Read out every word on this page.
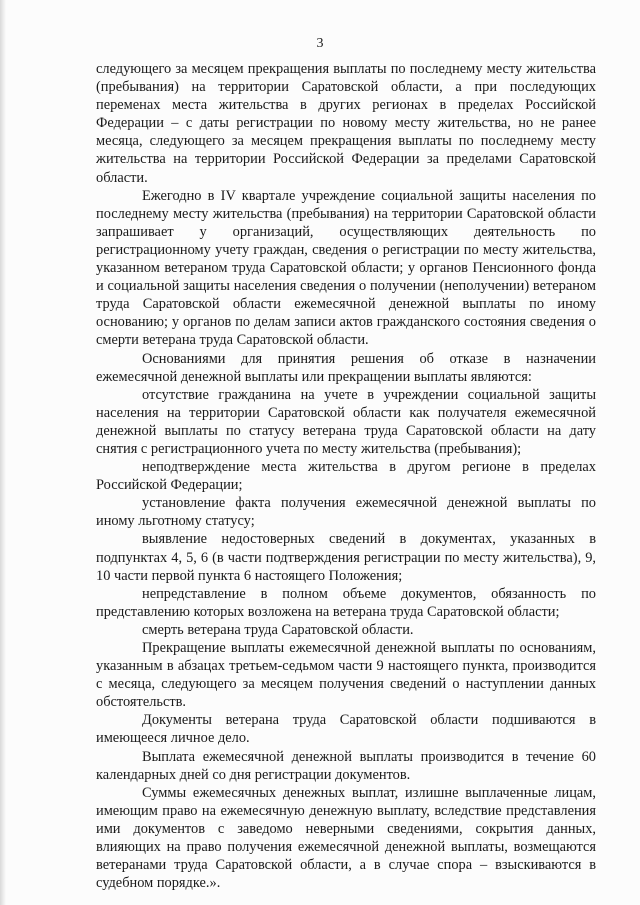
3

следующего за месяцем прекращения выплаты по последнему месту жительства (пребывания) на территории Саратовской области, а при последующих переменах места жительства в других регионах в пределах Российской Федерации – с даты регистрации по новому месту жительства, но не ранее месяца, следующего за месяцем прекращения выплаты по последнему месту жительства на территории Российской Федерации за пределами Саратовской области.

Ежегодно в IV квартале учреждение социальной защиты населения по последнему месту жительства (пребывания) на территории Саратовской области запрашивает у организаций, осуществляющих деятельность по регистрационному учету граждан, сведения о регистрации по месту жительства, указанном ветераном труда Саратовской области; у органов Пенсионного фонда и социальной защиты населения сведения о получении (неполучении) ветераном труда Саратовской области ежемесячной денежной выплаты по иному основанию; у органов по делам записи актов гражданского состояния сведения о смерти ветерана труда Саратовской области.

Основаниями для принятия решения об отказе в назначении ежемесячной денежной выплаты или прекращении выплаты являются:

отсутствие гражданина на учете в учреждении социальной защиты населения на территории Саратовской области как получателя ежемесячной денежной выплаты по статусу ветерана труда Саратовской области на дату снятия с регистрационного учета по месту жительства (пребывания);

неподтверждение места жительства в другом регионе в пределах Российской Федерации;

установление факта получения ежемесячной денежной выплаты по иному льготному статусу;

выявление недостоверных сведений в документах, указанных в подпунктах 4, 5, 6 (в части подтверждения регистрации по месту жительства), 9, 10 части первой пункта 6 настоящего Положения;

непредставление в полном объеме документов, обязанность по представлению которых возложена на ветерана труда Саратовской области;

смерть ветерана труда Саратовской области.

Прекращение выплаты ежемесячной денежной выплаты по основаниям, указанным в абзацах третьем-седьмом части 9 настоящего пункта, производится с месяца, следующего за месяцем получения сведений о наступлении данных обстоятельств.

Документы ветерана труда Саратовской области подшиваются в имеющееся личное дело.

Выплата ежемесячной денежной выплаты производится в течение 60 календарных дней со дня регистрации документов.

Суммы ежемесячных денежных выплат, излишне выплаченные лицам, имеющим право на ежемесячную денежную выплату, вследствие представления ими документов с заведомо неверными сведениями, сокрытия данных, влияющих на право получения ежемесячной денежной выплаты, возмещаются ветеранами труда Саратовской области, а в случае спора – взыскиваются в судебном порядке.».
